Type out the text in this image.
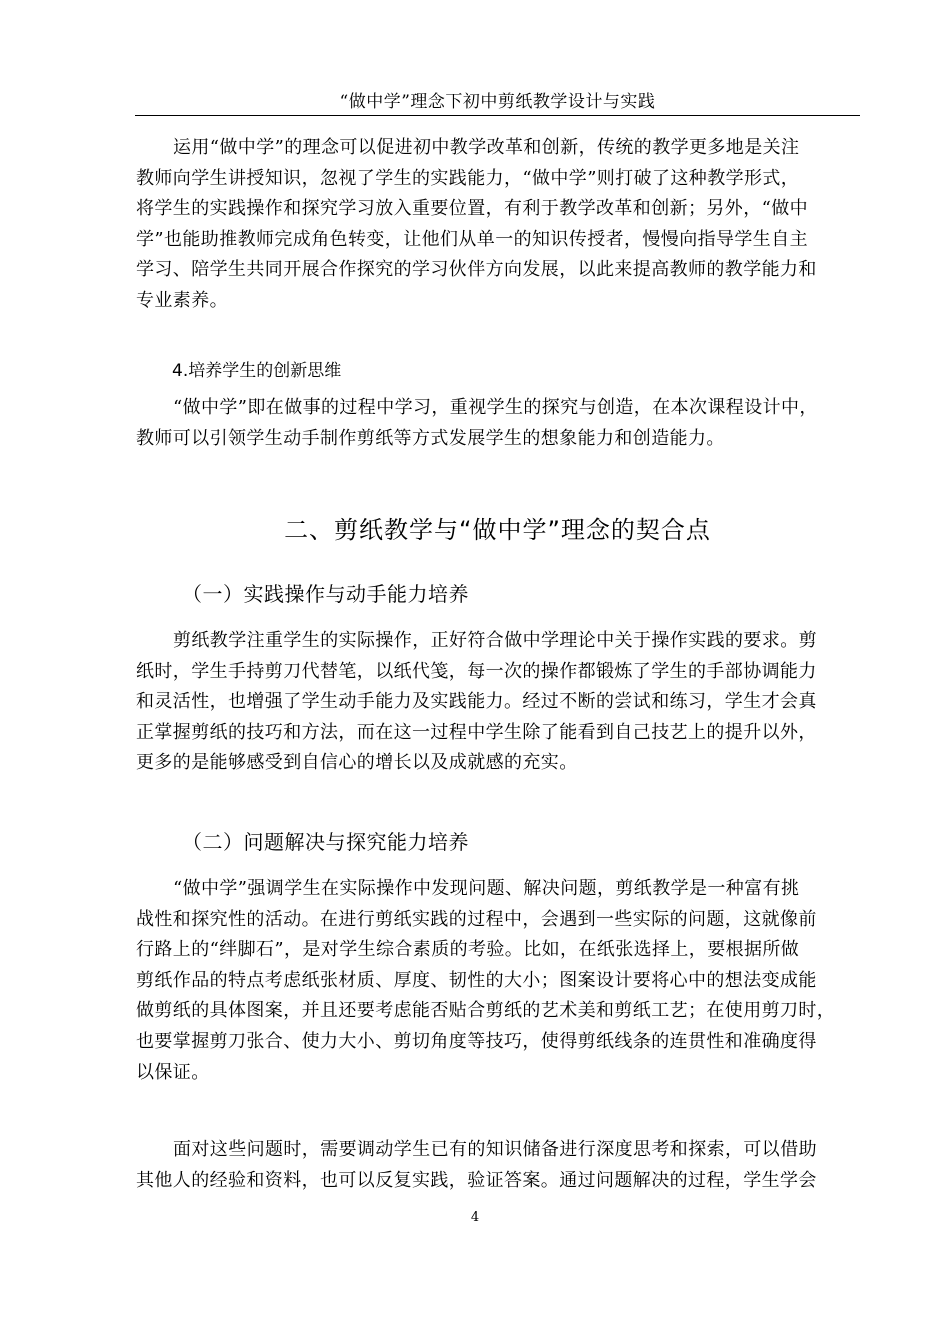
“做中学”理念下初中剪纸教学设计与实践
运用“做中学”的理念可以促进初中教学改革和创新，传统的教学更多地是关注
教师向学生讲授知识，忽视了学生的实践能力，“做中学”则打破了这种教学形式，
将学生的实践操作和探究学习放入重要位置，有利于教学改革和创新；另外，“做中
学”也能助推教师完成角色转变，让他们从单一的知识传授者，慢慢向指导学生自主
学习、陪学生共同开展合作探究的学习伙伴方向发展，以此来提高教师的教学能力和
专业素养。
4.培养学生的创新思维
“做中学”即在做事的过程中学习，重视学生的探究与创造，在本次课程设计中，
教师可以引领学生动手制作剪纸等方式发展学生的想象能力和创造能力。
二、剪纸教学与“做中学”理念的契合点
（一）实践操作与动手能力培养
剪纸教学注重学生的实际操作，正好符合做中学理论中关于操作实践的要求。剪
纸时，学生手持剪刀代替笔，以纸代笺，每一次的操作都锻炼了学生的手部协调能力
和灵活性，也增强了学生动手能力及实践能力。经过不断的尝试和练习，学生才会真
正掌握剪纸的技巧和方法，而在这一过程中学生除了能看到自己技艺上的提升以外，
更多的是能够感受到自信心的增长以及成就感的充实。
（二）问题解决与探究能力培养
“做中学”强调学生在实际操作中发现问题、解决问题，剪纸教学是一种富有挑
战性和探究性的活动。在进行剪纸实践的过程中，会遇到一些实际的问题，这就像前
行路上的“绊脚石”，是对学生综合素质的考验。比如，在纸张选择上，要根据所做
剪纸作品的特点考虑纸张材质、厚度、韧性的大小；图案设计要将心中的想法变成能
做剪纸的具体图案，并且还要考虑能否贴合剪纸的艺术美和剪纸工艺；在使用剪刀时，
也要掌握剪刀张合、使力大小、剪切角度等技巧，使得剪纸线条的连贯性和准确度得
以保证。
面对这些问题时，需要调动学生已有的知识储备进行深度思考和探索，可以借助
其他人的经验和资料，也可以反复实践，验证答案。通过问题解决的过程，学生学会
4
